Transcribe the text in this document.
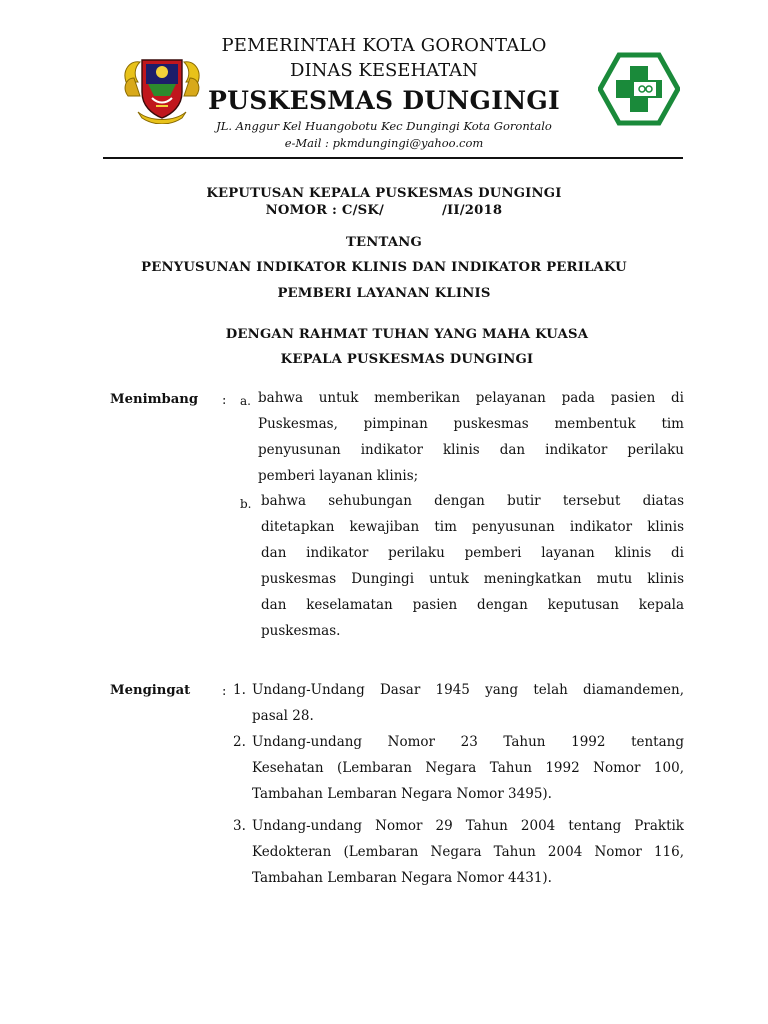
PEMERINTAH KOTA GORONTALO
DINAS KESEHATAN
PUSKESMAS DUNGINGI
JL. Anggur Kel Huangobotu Kec Dungingi Kota Gorontalo
e-Mail : pkmdungingi@yahoo.com
KEPUTUSAN KEPALA PUSKESMAS DUNGINGI
NOMOR : C/SK/	/II/2018
TENTANG
PENYUSUNAN INDIKATOR KLINIS DAN INDIKATOR PERILAKU
PEMBERI LAYANAN KLINIS
DENGAN RAHMAT TUHAN YANG MAHA KUASA
KEPALA PUSKESMAS DUNGINGI
Menimbang : a. bahwa untuk memberikan pelayanan pada pasien di
Puskesmas, pimpinan puskesmas membentuk tim
penyusunan indikator klinis dan indikator perilaku
pemberi layanan klinis;
b. bahwa sehubungan dengan butir tersebut diatas
ditetapkan kewajiban tim penyusunan indikator klinis
dan indikator perilaku pemberi layanan klinis di
puskesmas Dungingi untuk meningkatkan mutu klinis
dan keselamatan pasien dengan keputusan kepala
puskesmas.
Mengingat : 1. Undang-Undang Dasar 1945 yang telah diamandemen,
pasal 28.
2. Undang-undang Nomor 23 Tahun 1992 tentang
Kesehatan (Lembaran Negara Tahun 1992 Nomor 100,
Tambahan Lembaran Negara Nomor 3495).
3. Undang-undang Nomor 29 Tahun 2004 tentang Praktik
Kedokteran (Lembaran Negara Tahun 2004 Nomor 116,
Tambahan Lembaran Negara Nomor 4431).
